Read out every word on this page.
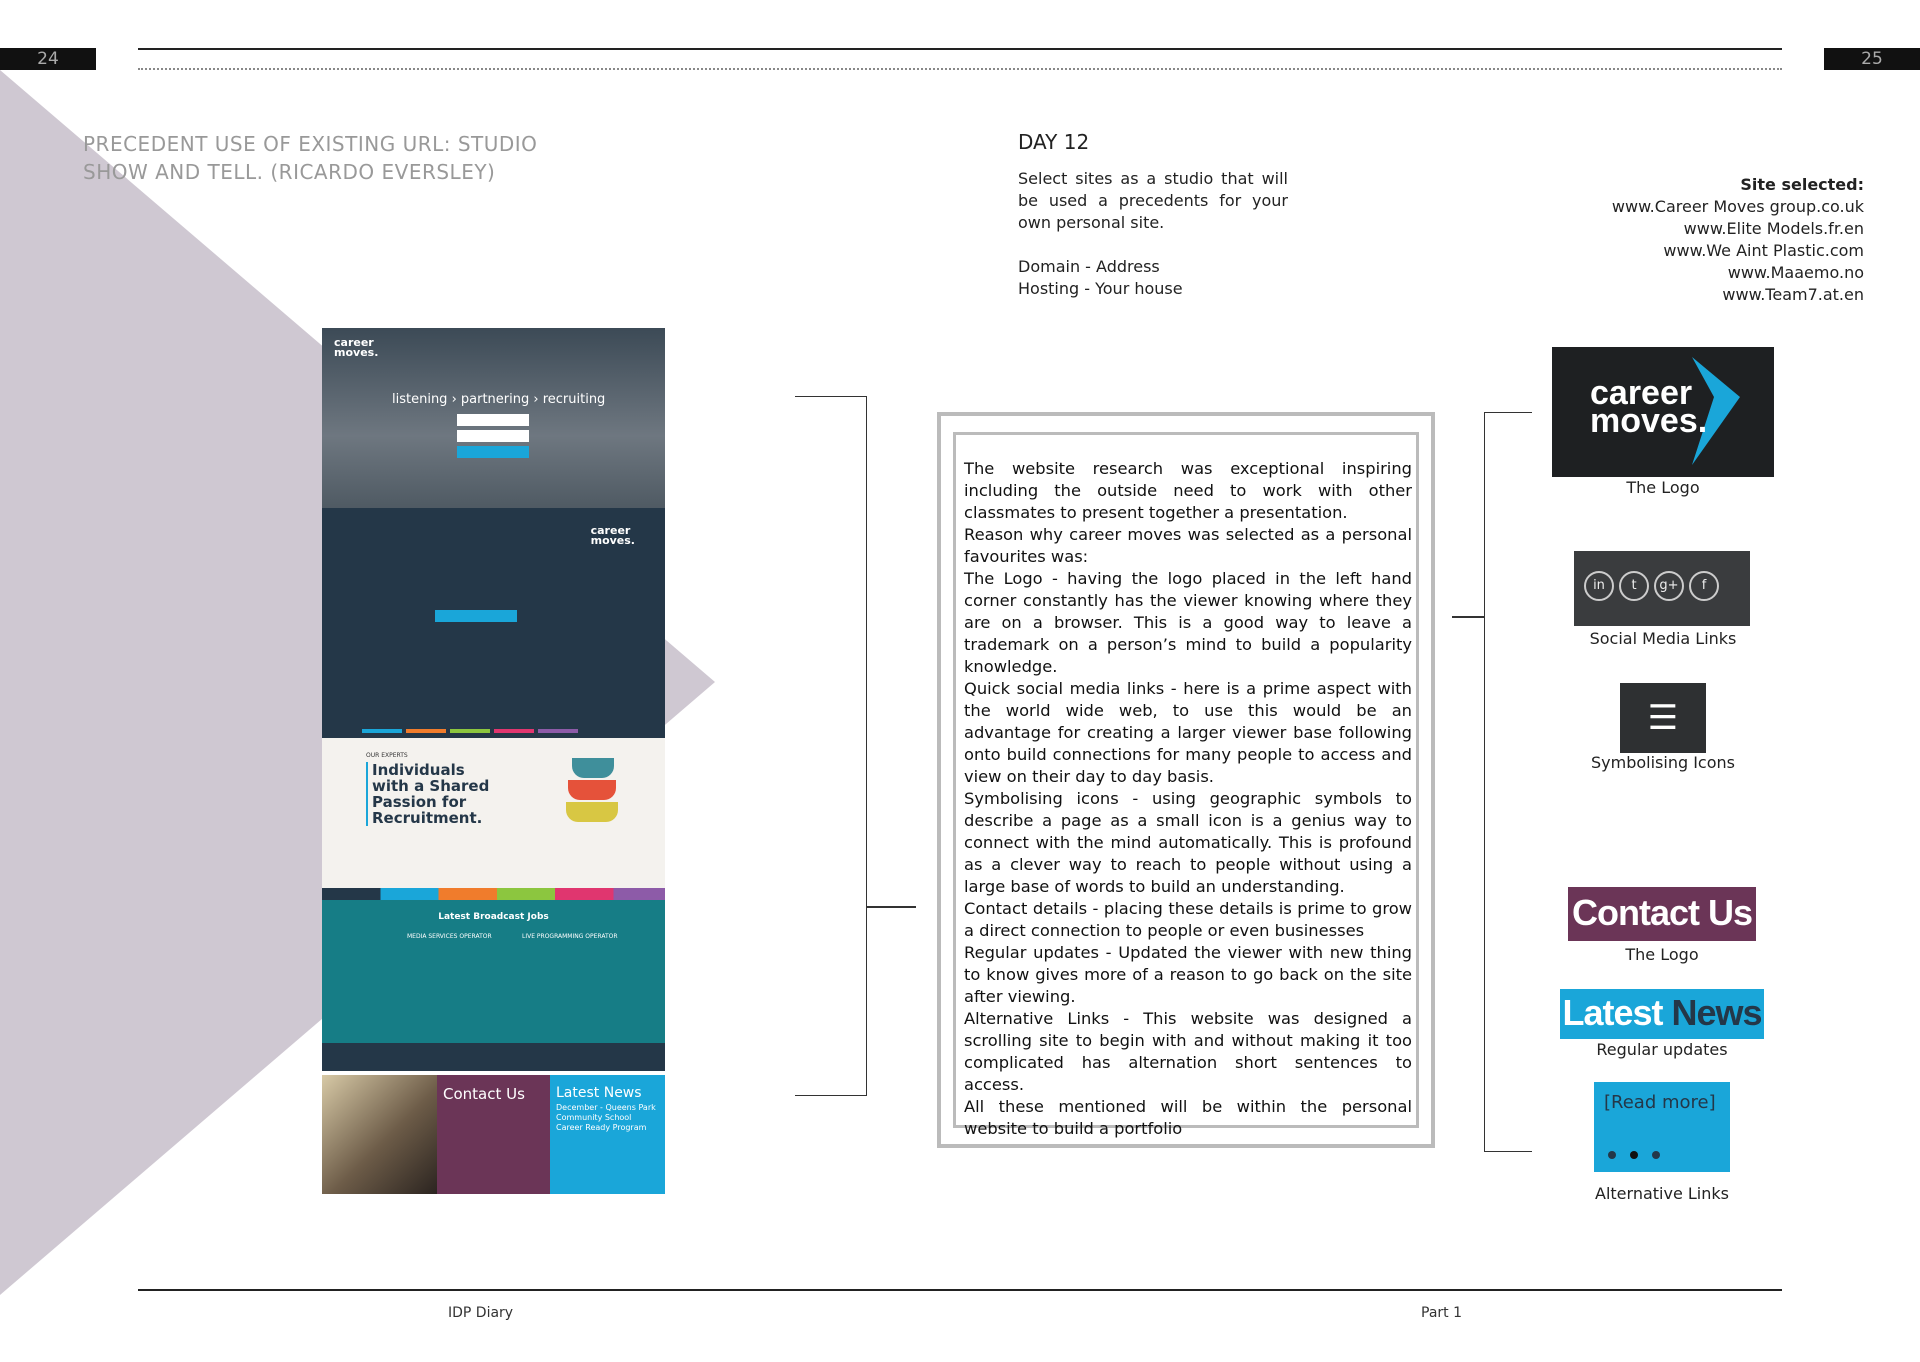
24	25
PRECEDENT USE OF EXISTING URL: STUDIO SHOW AND TELL. (RICARDO EVERSLEY)
career
moves.
listening › partnering › recruiting
career
moves.
OUR EXPERTS
Individuals with a Shared Passion for Recruitment.
Latest Broadcast Jobs
MEDIA SERVICES OPERATOR	LIVE PROGRAMMING OPERATOR
Contact Us	Latest News
December - Queens Park Community School Career Ready Program

The website research was exceptional inspiring including the outside need to work with other classmates to present together a presentation.

Reason why career moves was selected as a personal favourites was:

The Logo - having the logo placed in the left hand corner constantly has the viewer knowing where they are on a browser. This is a good way to leave a trademark on a person’s mind to build a popularity knowledge.

Quick social media links - here is a prime aspect with the world wide web, to use this would be an advantage for creating a larger viewer base following onto build connections for many people to access and view on their day to day basis.

Symbolising icons - using geographic symbols to describe a page as a small icon is a genius way to connect with the mind automatically. This is profound as a clever way to reach to people without using a large base of words to build an understanding.

Contact details - placing these details is prime to grow a direct connection to people or even businesses

Regular updates - Updated the viewer with new thing to know gives more of a reason to go back on the site after viewing.

Alternative Links - This website was designed a scrolling site to begin with and without making it too complicated has alternation short sentences to access.

All these mentioned will be within the personal website to build a portfolio

DAY 12

Select sites as a studio that will be used a precedents for your own personal site.

Domain - Address
Hosting - Your house
Site selected:
www.Career Moves group.co.uk
www.Elite Models.fr.en
www.We Aint Plastic.com
www.Maaemo.no
www.Team7.at.en
career
moves.
The Logo
in t g+ f
Social Media Links
☰
Symbolising Icons
Contact Us
The Logo
Latest News
Regular updates
[Read more]
Alternative Links
IDP Diary	Part 1
